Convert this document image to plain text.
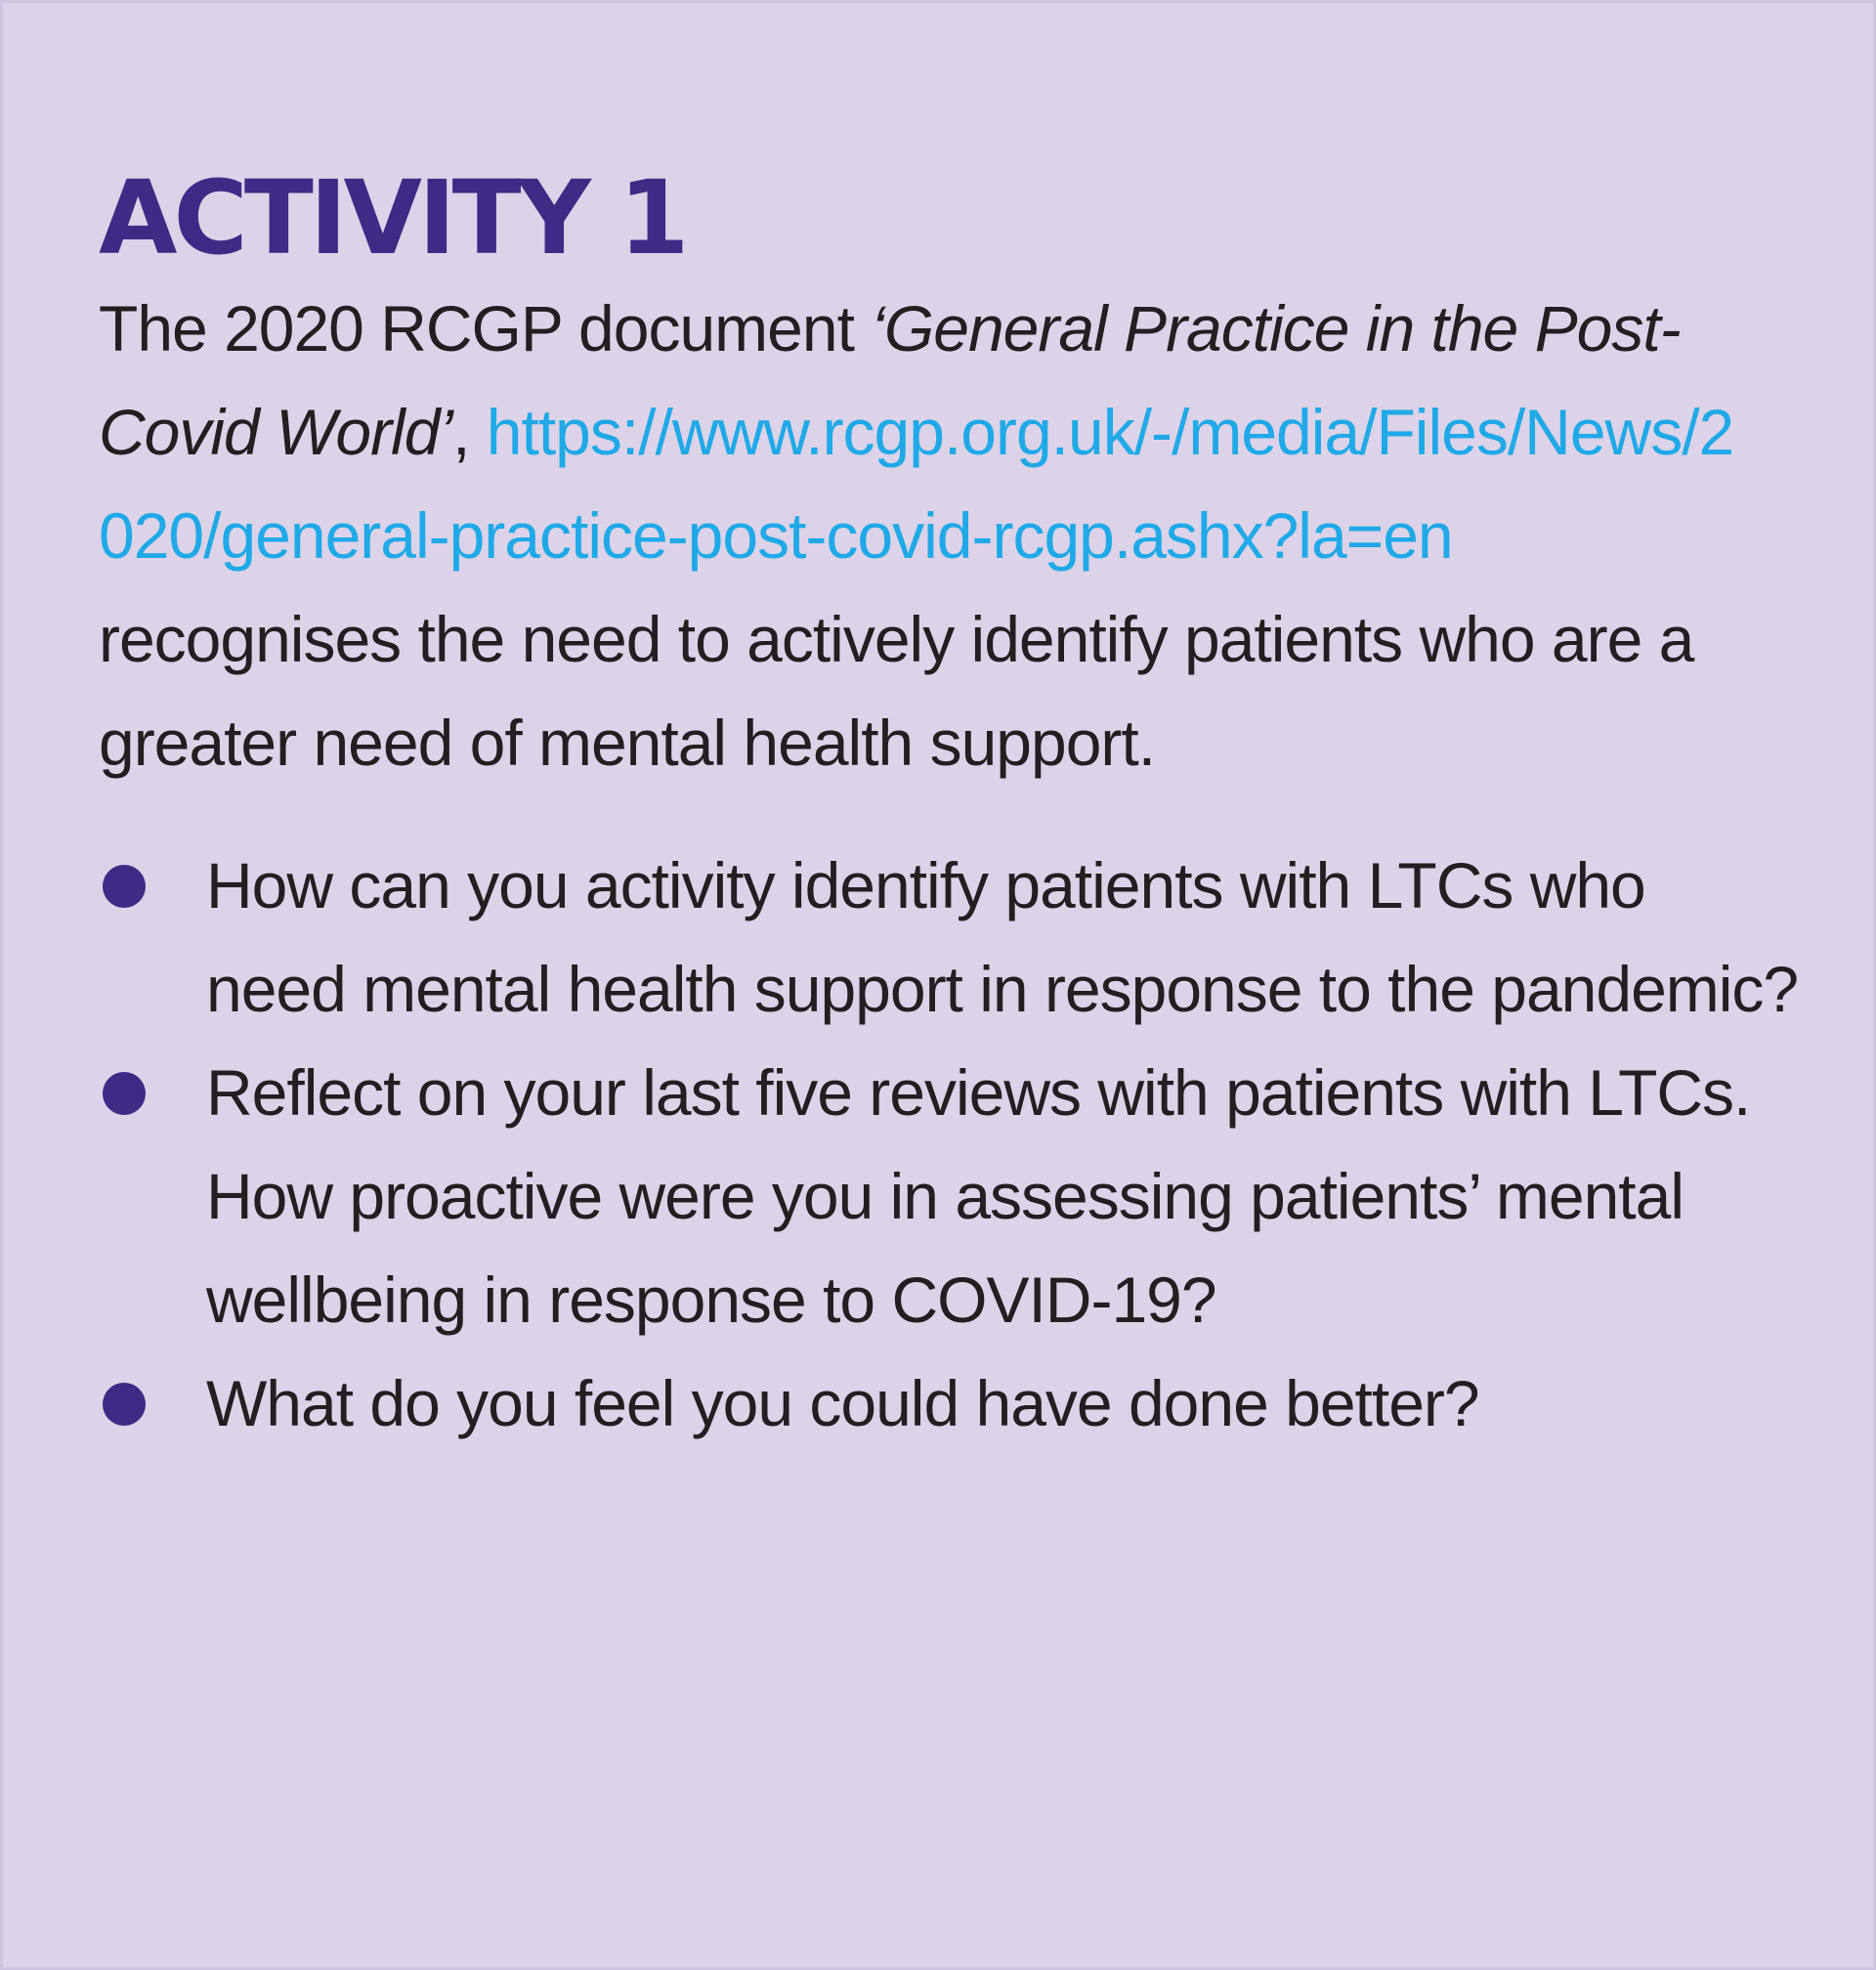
ACTIVITY 1

The 2020 RCGP document ‘General Practice in the Post-Covid World’, https://www.rcgp.org.uk/-/media/Files/News/2020/general-practice-post-covid-rcgp.ashx?la=en recognises the need to actively identify patients who are a greater need of mental health support.

How can you activity identify patients with LTCs who need mental health support in response to the pandemic?
Reflect on your last five reviews with patients with LTCs. How proactive were you in assessing patients’ mental wellbeing in response to COVID-19?
What do you feel you could have done better?
